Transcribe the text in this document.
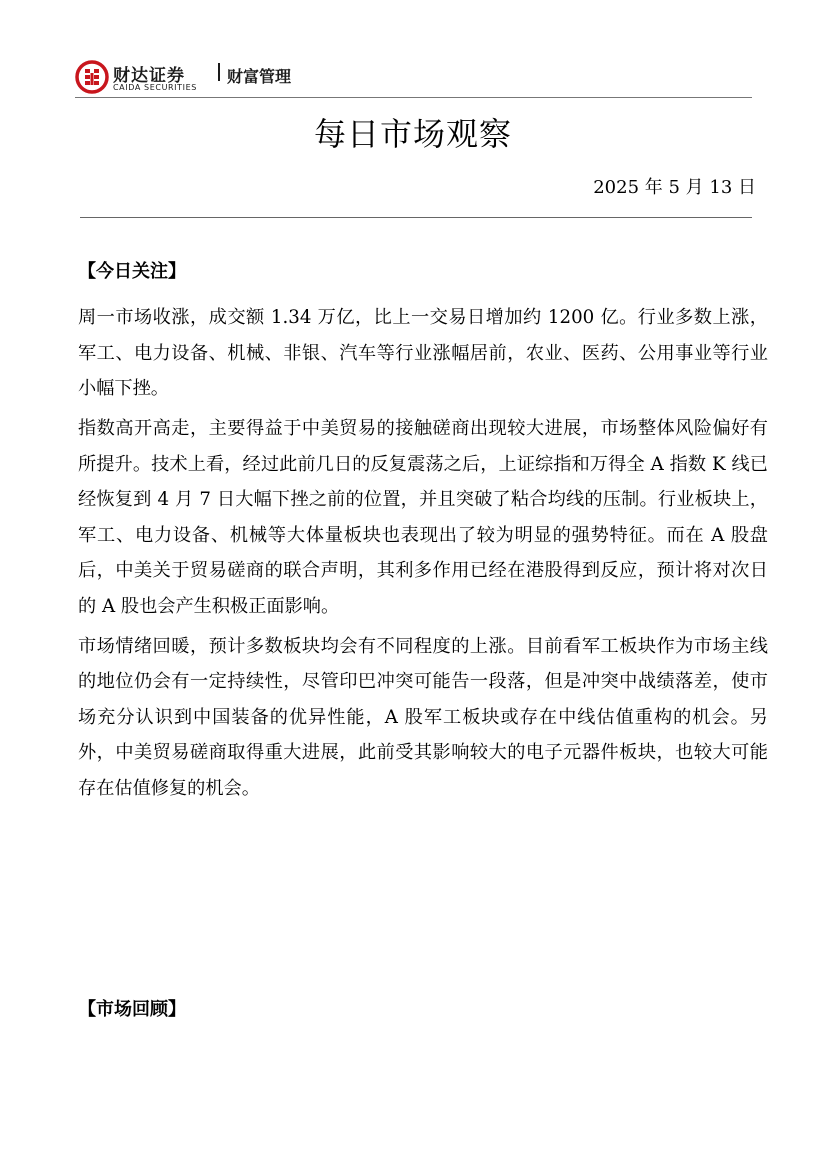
财达证券
CAIDA SECURITIES
财富管理
每日市场观察
2025 年 5 月 13 日
【今日关注】

周一市场收涨，成交额 1.34 万亿，比上一交易日增加约 1200 亿。行业多数上涨，军工、电力设备、机械、非银、汽车等行业涨幅居前，农业、医药、公用事业等行业小幅下挫。

指数高开高走，主要得益于中美贸易的接触磋商出现较大进展，市场整体风险偏好有所提升。技术上看，经过此前几日的反复震荡之后，上证综指和万得全 A 指数 K 线已经恢复到 4 月 7 日大幅下挫之前的位置，并且突破了粘合均线的压制。行业板块上，军工、电力设备、机械等大体量板块也表现出了较为明显的强势特征。而在 A 股盘后，中美关于贸易磋商的联合声明，其利多作用已经在港股得到反应，预计将对次日的 A 股也会产生积极正面影响。

市场情绪回暖，预计多数板块均会有不同程度的上涨。目前看军工板块作为市场主线的地位仍会有一定持续性，尽管印巴冲突可能告一段落，但是冲突中战绩落差，使市场充分认识到中国装备的优异性能，A 股军工板块或存在中线估值重构的机会。另外，中美贸易磋商取得重大进展，此前受其影响较大的电子元器件板块，也较大可能存在估值修复的机会。

【市场回顾】
